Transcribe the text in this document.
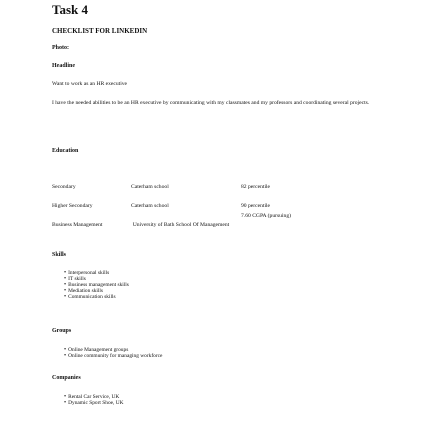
Task 4
CHECKLIST FOR LINKEDIN
Photo:
Headline
Want to work as an HR executive
I have the needed abilities to be an HR executive by communicating with my classmates and my professors and coordinating several projects.
Education
Secondary	Caterham school	82 percentile
Higher Secondary	Caterham school	90 percentile
Business Management	University of Bath School Of Management
7.60 CGPA (pursuing)
Skills
• Interpersonal skills
• IT skills
• Business management skills
• Mediation skills
• Communication skills
Groups
• Online Management groups
• Online community for managing workforce
Companies
• Rental Car Service, UK
• Dynamic Sport Shoe, UK
